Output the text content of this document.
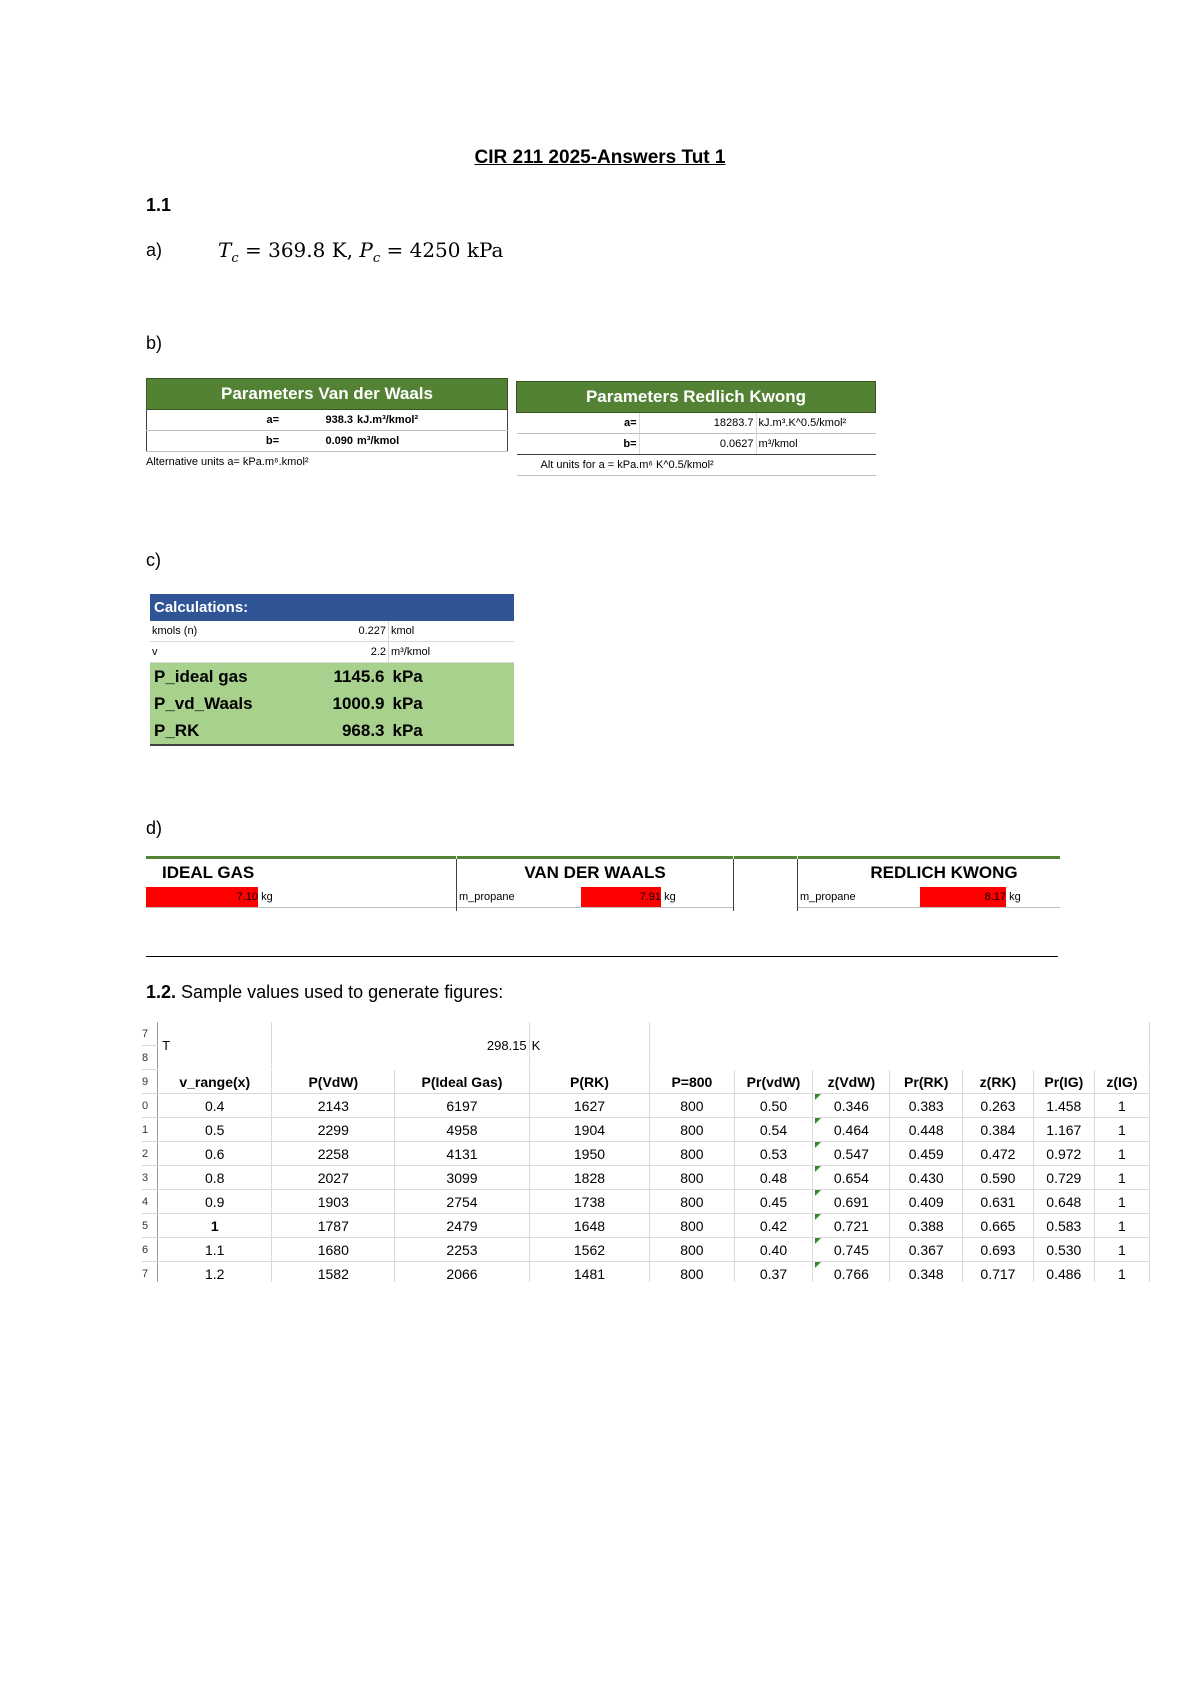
CIR 211 2025-Answers Tut 1
1.1
a)	$T_c = 369.8$ K, $P_c = 4250$ kPa
b)
Parameters Van der Waals		
a=	938.3	kJ.m³/kmol²
b=	0.090	m³/kmol
Alternative units a= kPa.m⁶.kmol²
Parameters Redlich Kwong		
a=	18283.7	kJ.m³.K^0.5/kmol²
b=	0.0627	m³/kmol
Alt units for a = kPa.m⁶ K^0.5/kmol²		
c)
Calculations:		
kmols (n)	0.227	kmol
v	2.2	m³/kmol
P_ideal gas	1145.6	kPa
P_vd_Waals	1000.9	kPa
P_RK	968.3	kPa
d)
IDEAL GAS
7.10 kg
VAN DER WAALS
m_propane	7.91 kg
REDLICH KWONG
m_propane	8.17 kg
1.2. Sample values used to generate figures:
7	T	298.15		K							
8											
9	v_range(x)	P(VdW)	P(Ideal Gas)	P(RK)	P=800	Pr(vdW)	z(VdW)	Pr(RK)	z(RK)	Pr(IG)	z(IG)
0	0.4	2143	6197	1627	800	0.50	0.346	0.383	0.263	1.458	1
1	0.5	2299	4958	1904	800	0.54	0.464	0.448	0.384	1.167	1
2	0.6	2258	4131	1950	800	0.53	0.547	0.459	0.472	0.972	1
3	0.8	2027	3099	1828	800	0.48	0.654	0.430	0.590	0.729	1
4	0.9	1903	2754	1738	800	0.45	0.691	0.409	0.631	0.648	1
5	1	1787	2479	1648	800	0.42	0.721	0.388	0.665	0.583	1
6	1.1	1680	2253	1562	800	0.40	0.745	0.367	0.693	0.530	1
7	1.2	1582	2066	1481	800	0.37	0.766	0.348	0.717	0.486	1
